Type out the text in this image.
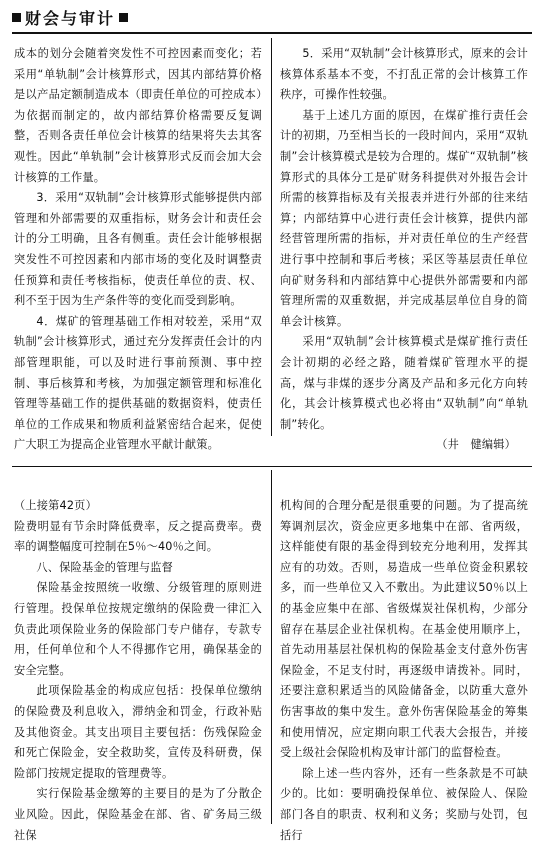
财会与审计

成本的划分会随着突发性不可控因素而变化；若采用“单轨制”会计核算形式，因其内部结算价格是以产品定额制造成本（即责任单位的可控成本）为依据而制定的，故内部结算价格需要反复调整，否则各责任单位会计核算的结果将失去其客观性。因此“单轨制”会计核算形式反而会加大会计核算的工作量。

3．采用“双轨制”会计核算形式能够提供内部管理和外部需要的双重指标，财务会计和责任会计的分工明确，且各有侧重。责任会计能够根据突发性不可控因素和内部市场的变化及时调整责任预算和责任考核指标，使责任单位的责、权、利不至于因为生产条件等的变化而受到影响。

4．煤矿的管理基础工作相对较差，采用“双轨制”会计核算形式，通过充分发挥责任会计的内部管理职能，可以及时进行事前预测、事中控制、事后核算和考核，为加强定额管理和标准化管理等基础工作的提供基础的数据资料，使责任单位的工作成果和物质利益紧密结合起来，促使广大职工为提高企业管理水平献计献策。

5．采用“双轨制”会计核算形式，原来的会计核算体系基本不变，不打乱正常的会计核算工作秩序，可操作性较强。

基于上述几方面的原因，在煤矿推行责任会计的初期，乃至相当长的一段时间内，采用“双轨制”会计核算模式是较为合理的。煤矿“双轨制”核算形式的具体分工是矿财务科提供对外报告会计所需的核算指标及有关报表并进行外部的往来结算；内部结算中心进行责任会计核算，提供内部经营管理所需的指标，并对责任单位的生产经营进行事中控制和事后考核；采区等基层责任单位向矿财务科和内部结算中心提供外部需要和内部管理所需的双重数据，并完成基层单位自身的简单会计核算。

采用“双轨制”会计核算模式是煤矿推行责任会计初期的必经之路，随着煤矿管理水平的提高，煤与非煤的逐步分离及产品和多元化方向转化，其会计核算模式也必将由“双轨制”向“单轨制”转化。

（井　健编辑）

（上接第42页）

险费明显有节余时降低费率，反之提高费率。费率的调整幅度可控制在5％～40％之间。

八、保险基金的管理与监督

保险基金按照统一收缴、分级管理的原则进行管理。投保单位按规定缴纳的保险费一律汇入负责此项保险业务的保险部门专户储存，专款专用，任何单位和个人不得挪作它用，确保基金的安全完整。

此项保险基金的构成应包括：投保单位缴纳的保险费及利息收入，滞纳金和罚金，行政补贴及其他资金。其支出项目主要包括：伤残保险金和死亡保险金，安全救助奖，宣传及科研费，保险部门按规定提取的管理费等。

实行保险基金缴筹的主要目的是为了分散企业风险。因此，保险基金在部、省、矿务局三级社保

机构间的合理分配是很重要的问题。为了提高统筹调剂层次，资金应更多地集中在部、省两级，这样能使有限的基金得到较充分地利用，发挥其应有的功效。否则，易造成一些单位资金积累较多，而一些单位又入不敷出。为此建议50％以上的基金应集中在部、省级煤炭社保机构，少部分留存在基层企业社保机构。在基金使用顺序上，首先动用基层社保机构的保险基金支付意外伤害保险金，不足支付时，再逐级申请拨补。同时，还要注意积累适当的风险储备金，以防重大意外伤害事故的集中发生。意外伤害保险基金的筹集和使用情况，应定期向职工代表大会报告，并接受上级社会保险机构及审计部门的监督检查。

除上述一些内容外，还有一些条款是不可缺少的。比如：要明确投保单位、被保险人、保险部门各自的职责、权利和义务；奖励与处罚，包括行
